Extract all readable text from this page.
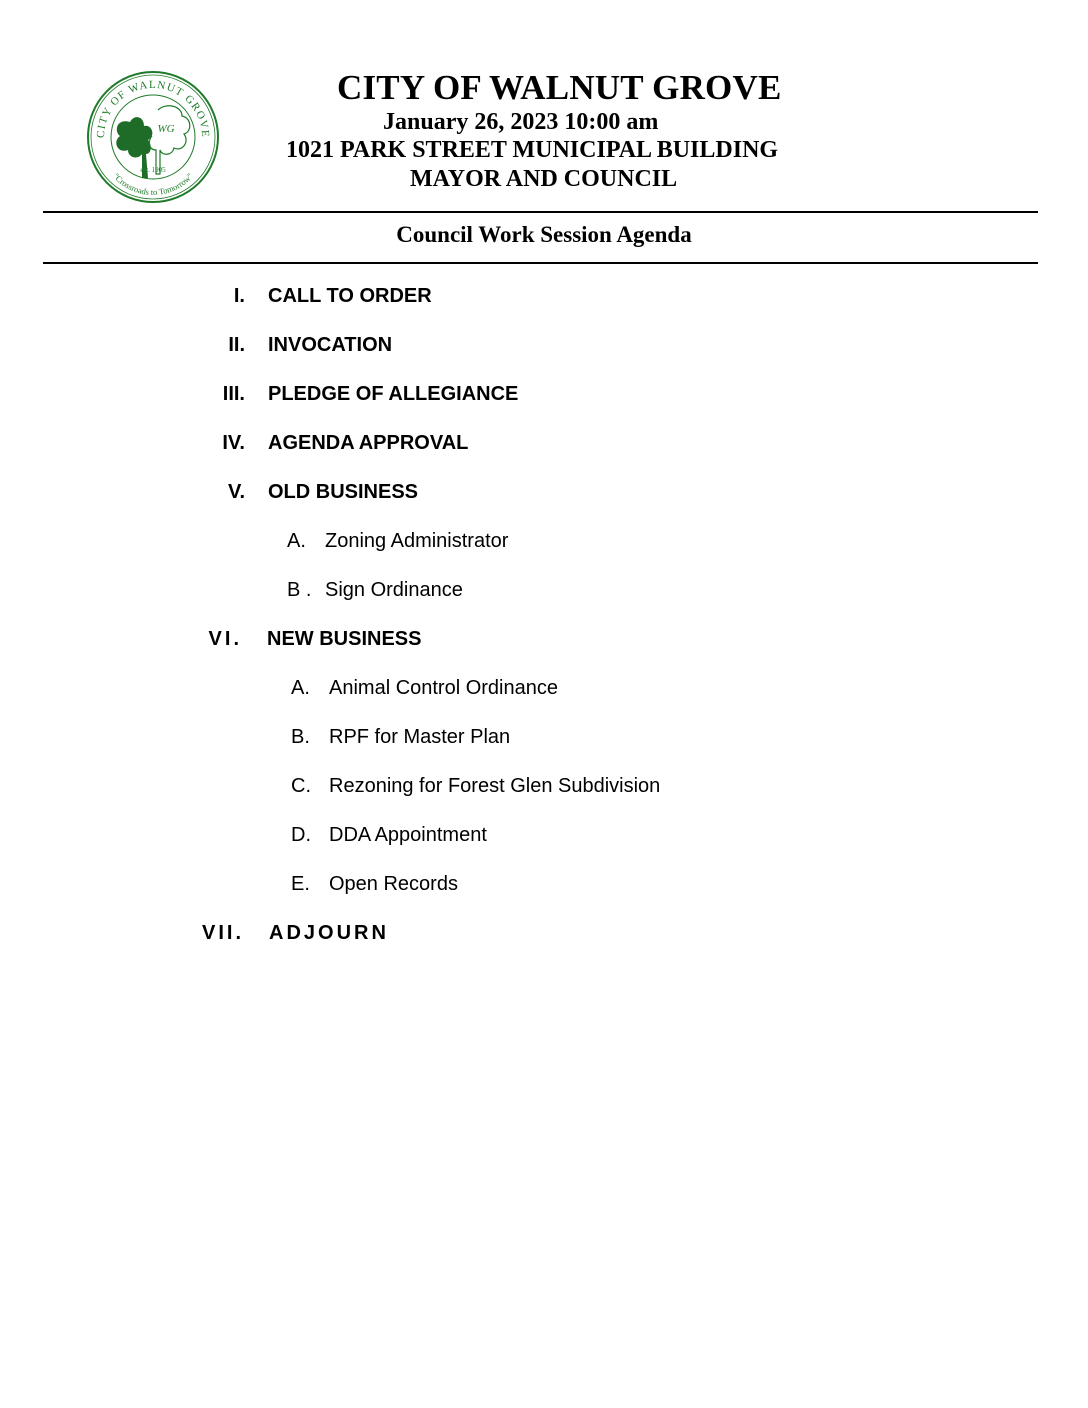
CITY OF WALNUT GROVE
"Crossroads to Tomorrow"
WG
est. 1905
CITY OF WALNUT GROVE
January 26, 2023 10:00 am
1021 PARK STREET MUNICIPAL BUILDING
MAYOR AND COUNCIL
Council Work Session Agenda
I. CALL TO ORDER
II. INVOCATION
III. PLEDGE OF ALLEGIANCE
IV. AGENDA APPROVAL
V. OLD BUSINESS
A. Zoning Administrator
B . Sign Ordinance
VI. NEW BUSINESS
A. Animal Control Ordinance
B. RPF for Master Plan
C. Rezoning for Forest Glen Subdivision
D. DDA Appointment
E. Open Records
VII. ADJOURN
